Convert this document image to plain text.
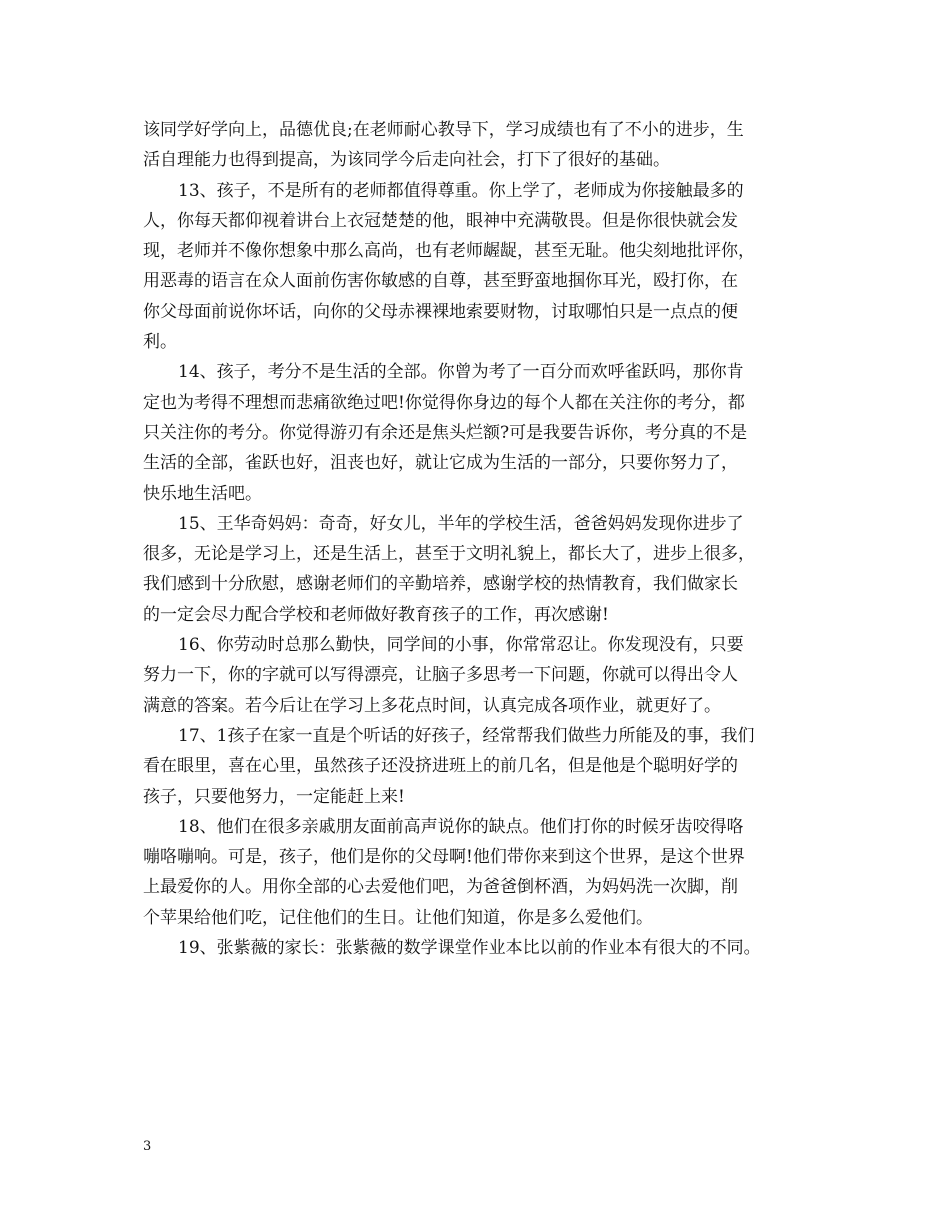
该同学好学向上，品德优良;在老师耐心教导下，学习成绩也有了不小的进步，生
活自理能力也得到提高，为该同学今后走向社会，打下了很好的基础。
13、孩子，不是所有的老师都值得尊重。你上学了，老师成为你接触最多的
人，你每天都仰视着讲台上衣冠楚楚的他，眼神中充满敬畏。但是你很快就会发
现，老师并不像你想象中那么高尚，也有老师龌龊，甚至无耻。他尖刻地批评你，
用恶毒的语言在众人面前伤害你敏感的自尊，甚至野蛮地掴你耳光，殴打你，在
你父母面前说你坏话，向你的父母赤裸裸地索要财物，讨取哪怕只是一点点的便
利。
14、孩子，考分不是生活的全部。你曾为考了一百分而欢呼雀跃吗，那你肯
定也为考得不理想而悲痛欲绝过吧!你觉得你身边的每个人都在关注你的考分，都
只关注你的考分。你觉得游刃有余还是焦头烂额?可是我要告诉你，考分真的不是
生活的全部，雀跃也好，沮丧也好，就让它成为生活的一部分，只要你努力了，
快乐地生活吧。
15、王华奇妈妈：奇奇，好女儿，半年的学校生活，爸爸妈妈发现你进步了
很多，无论是学习上，还是生活上，甚至于文明礼貌上，都长大了，进步上很多，
我们感到十分欣慰，感谢老师们的辛勤培养，感谢学校的热情教育，我们做家长
的一定会尽力配合学校和老师做好教育孩子的工作，再次感谢!
16、你劳动时总那么勤快，同学间的小事，你常常忍让。你发现没有，只要
努力一下，你的字就可以写得漂亮，让脑子多思考一下问题，你就可以得出令人
满意的答案。若今后让在学习上多花点时间，认真完成各项作业，就更好了。
17、1孩子在家一直是个听话的好孩子，经常帮我们做些力所能及的事，我们
看在眼里，喜在心里，虽然孩子还没挤进班上的前几名，但是他是个聪明好学的
孩子，只要他努力，一定能赶上来!
18、他们在很多亲戚朋友面前高声说你的缺点。他们打你的时候牙齿咬得咯
嘣咯嘣响。可是，孩子，他们是你的父母啊!他们带你来到这个世界，是这个世界
上最爱你的人。用你全部的心去爱他们吧，为爸爸倒杯酒，为妈妈洗一次脚，削
个苹果给他们吃，记住他们的生日。让他们知道，你是多么爱他们。
19、张紫薇的家长：张紫薇的数学课堂作业本比以前的作业本有很大的不同。
3
